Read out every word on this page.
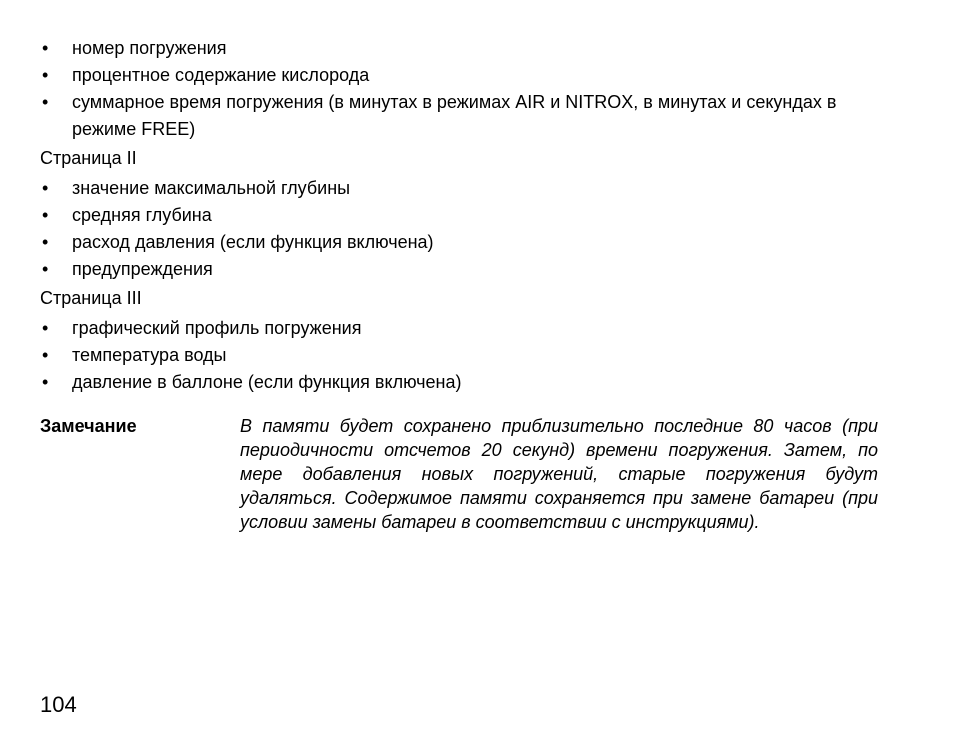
• номер погружения
• процентное содержание кислорода
• суммарное время погружения (в минутах в режимах AIR и NITROX, в минутах и секундах в режиме FREE)

Страница II

• значение максимальной глубины
• средняя глубина
• расход давления (если функция включена)
• предупреждения

Страница III

• графический профиль погружения
• температура воды
• давление в баллоне (если функция включена)
Замечание	В памяти будет сохранено приблизительно последние 80 часов (при периодичности отсчетов 20 секунд) времени погружения. Затем, по мере добавления новых погружений, старые погружения будут удаляться. Содержимое памяти сохраняется при замене батареи (при условии замены батареи в соответствии с инструкциями).
104
